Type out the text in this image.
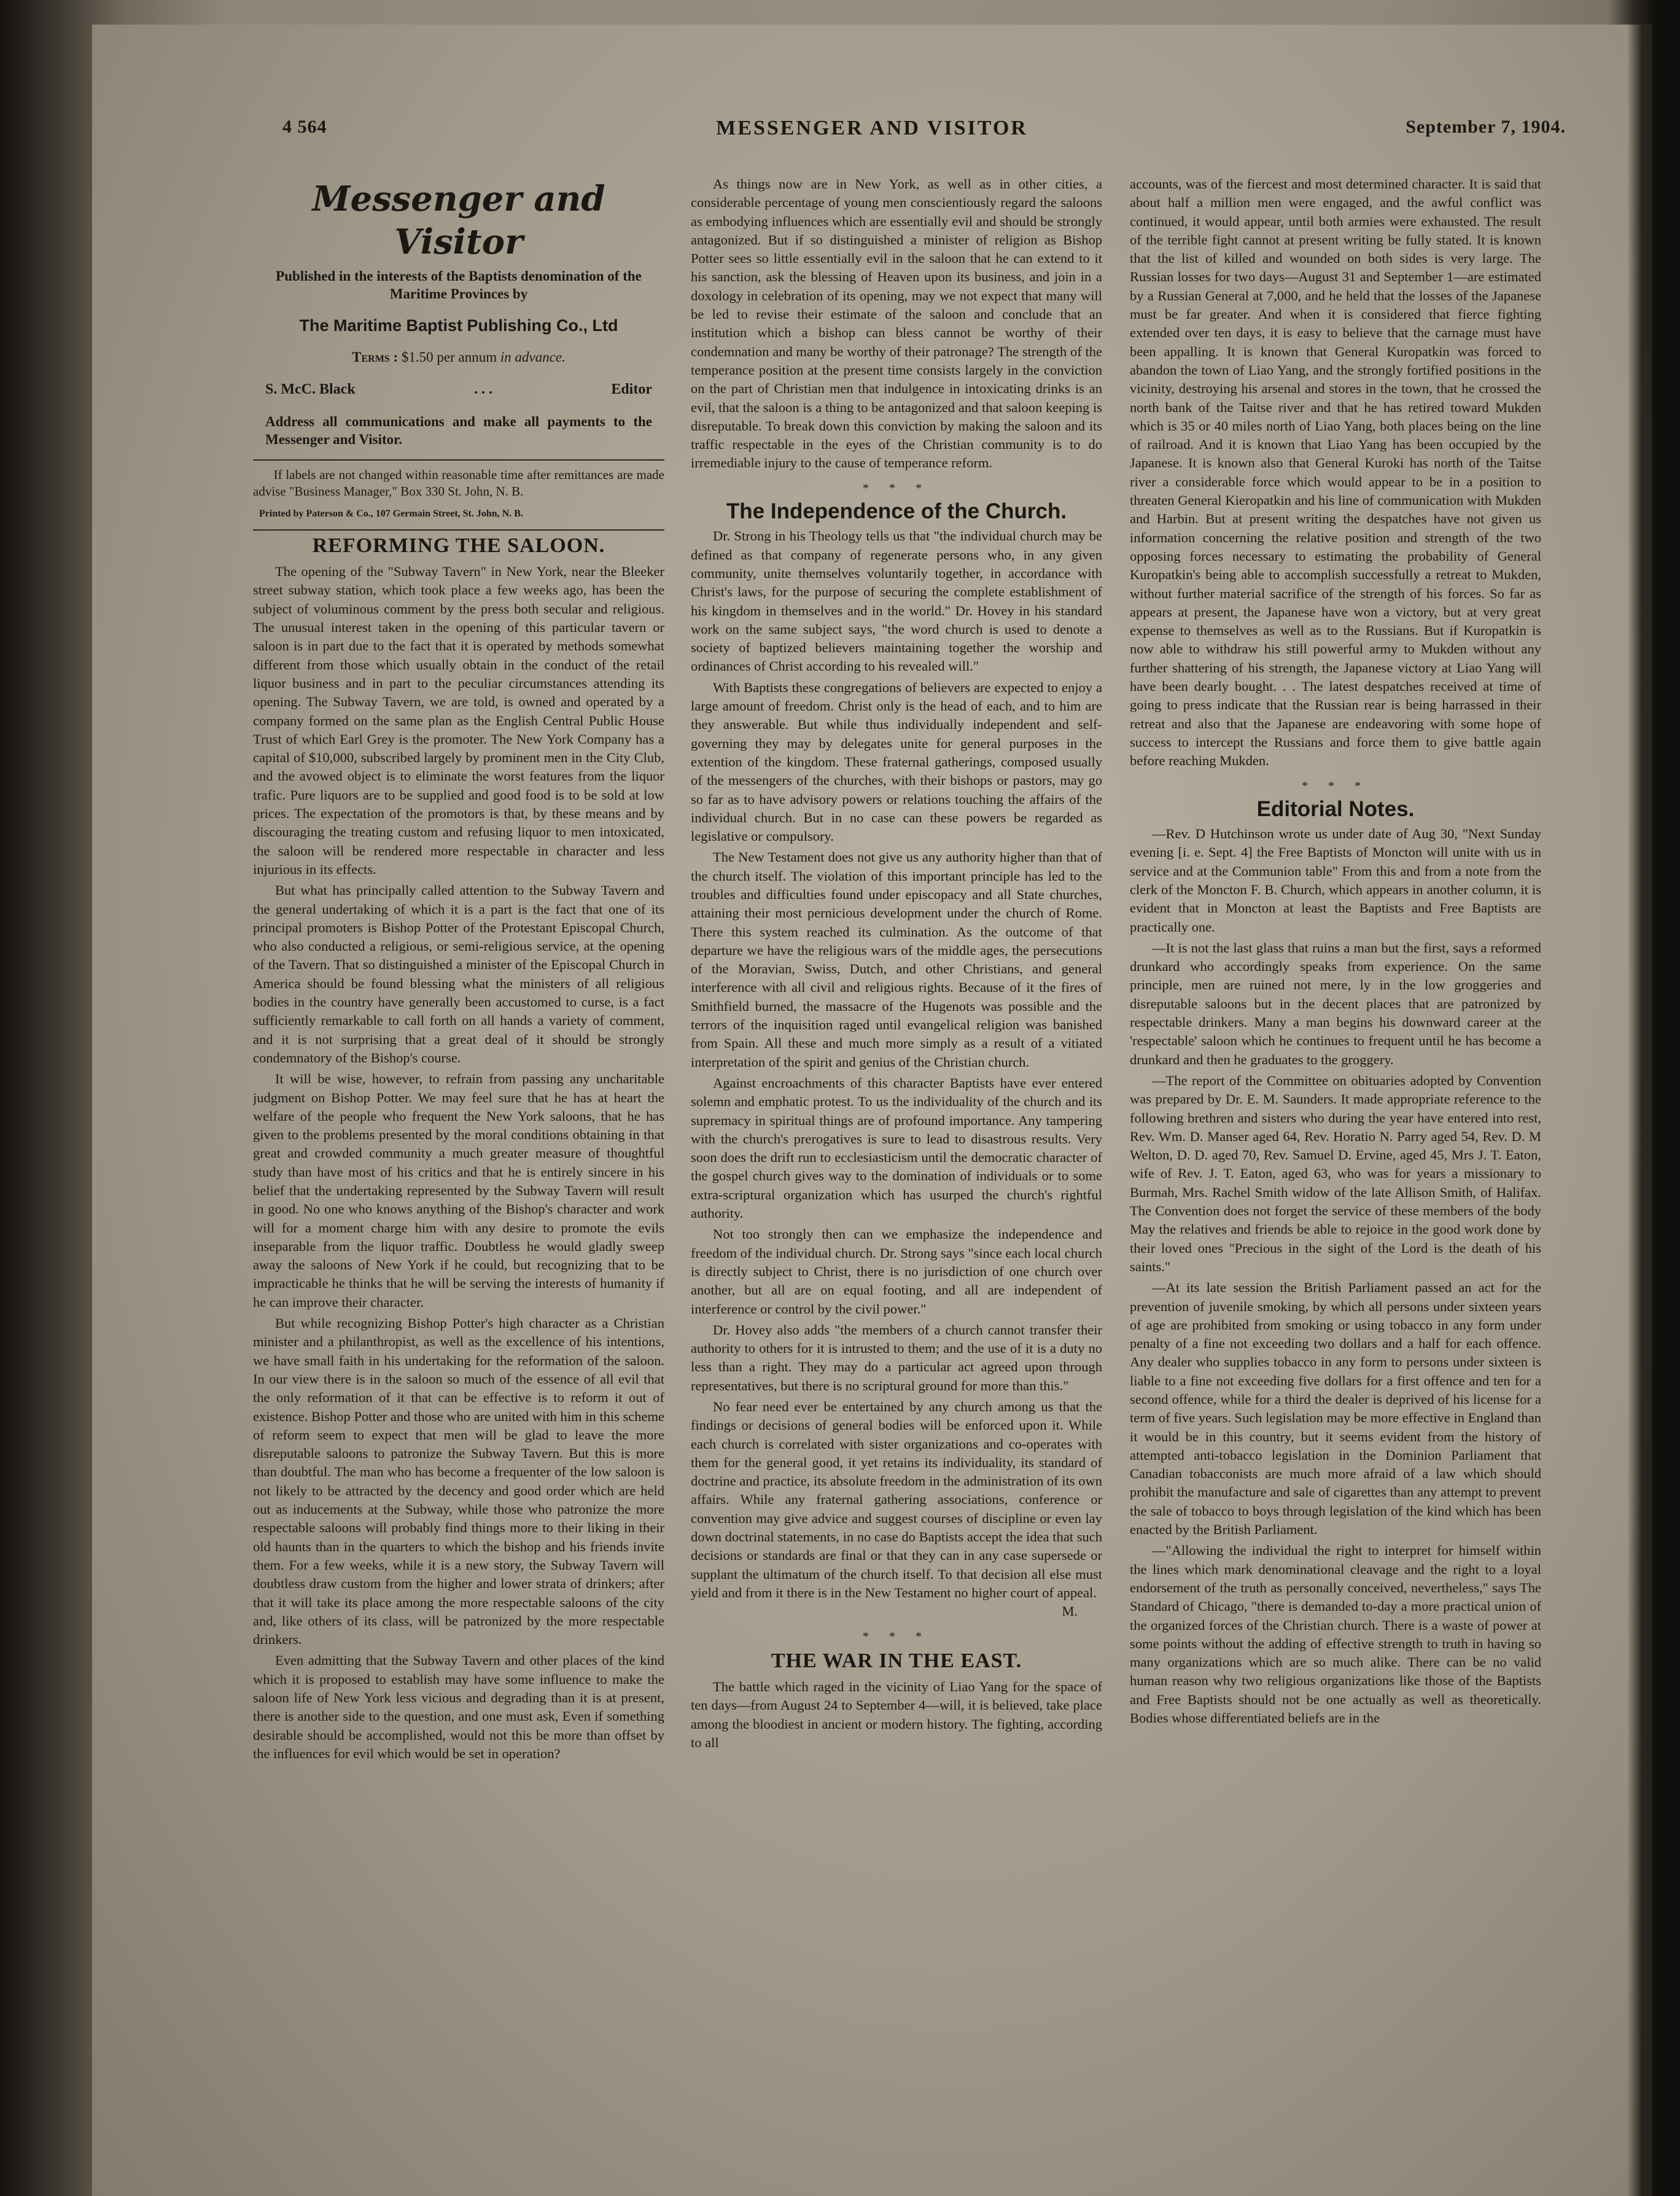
4 564	MESSENGER AND VISITOR	September 7, 1904.
Messenger and Visitor
Published in the interests of the Baptists denomination of the Maritime Provinces by
The Maritime Baptist Publishing Co., Ltd
Terms : $1.50 per annum in advance.
S. McC. Black	. . .	Editor
Address all communications and make all payments to the Messenger and Visitor.

If labels are not changed within reasonable time after remittances are made advise "Business Manager," Box 330 St. John, N. B.

Printed by Paterson & Co., 107 Germain Street, St. John, N. B.
REFORMING THE SALOON.

The opening of the "Subway Tavern" in New York, near the Bleeker street subway station, which took place a few weeks ago, has been the subject of voluminous comment by the press both secular and religious. The unusual interest taken in the opening of this particular tavern or saloon is in part due to the fact that it is operated by methods somewhat different from those which usually obtain in the conduct of the retail liquor business and in part to the peculiar circumstances attending its opening. The Subway Tavern, we are told, is owned and operated by a company formed on the same plan as the English Central Public House Trust of which Earl Grey is the promoter. The New York Company has a capital of $10,000, subscribed largely by prominent men in the City Club, and the avowed object is to eliminate the worst features from the liquor trafic. Pure liquors are to be supplied and good food is to be sold at low prices. The expectation of the promotors is that, by these means and by discouraging the treating custom and refusing liquor to men intoxicated, the saloon will be rendered more respectable in character and less injurious in its effects.

But what has principally called attention to the Subway Tavern and the general undertaking of which it is a part is the fact that one of its principal promoters is Bishop Potter of the Protestant Episcopal Church, who also conducted a religious, or semi-religious service, at the opening of the Tavern. That so distinguished a minister of the Episcopal Church in America should be found blessing what the ministers of all religious bodies in the country have generally been accustomed to curse, is a fact sufficiently remarkable to call forth on all hands a variety of comment, and it is not surprising that a great deal of it should be strongly condemnatory of the Bishop's course.

It will be wise, however, to refrain from passing any uncharitable judgment on Bishop Potter. We may feel sure that he has at heart the welfare of the people who frequent the New York saloons, that he has given to the problems presented by the moral conditions obtaining in that great and crowded community a much greater measure of thoughtful study than have most of his critics and that he is entirely sincere in his belief that the undertaking represented by the Subway Tavern will result in good. No one who knows anything of the Bishop's character and work will for a moment charge him with any desire to promote the evils inseparable from the liquor traffic. Doubtless he would gladly sweep away the saloons of New York if he could, but recognizing that to be impracticable he thinks that he will be serving the interests of humanity if he can improve their character.

But while recognizing Bishop Potter's high character as a Christian minister and a philanthropist, as well as the excellence of his intentions, we have small faith in his undertaking for the reformation of the saloon. In our view there is in the saloon so much of the essence of all evil that the only reformation of it that can be effective is to reform it out of existence. Bishop Potter and those who are united with him in this scheme of reform seem to expect that men will be glad to leave the more disreputable saloons to patronize the Subway Tavern. But this is more than doubtful. The man who has become a frequenter of the low saloon is not likely to be attracted by the decency and good order which are held out as inducements at the Subway, while those who patronize the more respectable saloons will probably find things more to their liking in their old haunts than in the quarters to which the bishop and his friends invite them. For a few weeks, while it is a new story, the Subway Tavern will doubtless draw custom from the higher and lower strata of drinkers; after that it will take its place among the more respectable saloons of the city and, like others of its class, will be patronized by the more respectable drinkers.

Even admitting that the Subway Tavern and other places of the kind which it is proposed to establish may have some influence to make the saloon life of New York less vicious and degrading than it is at present, there is another side to the question, and one must ask, Even if something desirable should be accomplished, would not this be more than offset by the influences for evil which would be set in operation?

As things now are in New York, as well as in other cities, a considerable percentage of young men conscientiously regard the saloons as embodying influences which are essentially evil and should be strongly antagonized. But if so distinguished a minister of religion as Bishop Potter sees so little essentially evil in the saloon that he can extend to it his sanction, ask the blessing of Heaven upon its business, and join in a doxology in celebration of its opening, may we not expect that many will be led to revise their estimate of the saloon and conclude that an institution which a bishop can bless cannot be worthy of their condemnation and many be worthy of their patronage? The strength of the temperance position at the present time consists largely in the conviction on the part of Christian men that indulgence in intoxicating drinks is an evil, that the saloon is a thing to be antagonized and that saloon keeping is disreputable. To break down this conviction by making the saloon and its traffic respectable in the eyes of the Christian community is to do irremediable injury to the cause of temperance reform.

* * *
The Independence of the Church.

Dr. Strong in his Theology tells us that "the individual church may be defined as that company of regenerate persons who, in any given community, unite themselves voluntarily together, in accordance with Christ's laws, for the purpose of securing the complete establishment of his kingdom in themselves and in the world." Dr. Hovey in his standard work on the same subject says, "the word church is used to denote a society of baptized believers maintaining together the worship and ordinances of Christ according to his revealed will."

With Baptists these congregations of believers are expected to enjoy a large amount of freedom. Christ only is the head of each, and to him are they answerable. But while thus individually independent and self-governing they may by delegates unite for general purposes in the extention of the kingdom. These fraternal gatherings, composed usually of the messengers of the churches, with their bishops or pastors, may go so far as to have advisory powers or relations touching the affairs of the individual church. But in no case can these powers be regarded as legislative or compulsory.

The New Testament does not give us any authority higher than that of the church itself. The violation of this important principle has led to the troubles and difficulties found under episcopacy and all State churches, attaining their most pernicious development under the church of Rome. There this system reached its culmination. As the outcome of that departure we have the religious wars of the middle ages, the persecutions of the Moravian, Swiss, Dutch, and other Christians, and general interference with all civil and religious rights. Because of it the fires of Smithfield burned, the massacre of the Hugenots was possible and the terrors of the inquisition raged until evangelical religion was banished from Spain. All these and much more simply as a result of a vitiated interpretation of the spirit and genius of the Christian church.

Against encroachments of this character Baptists have ever entered solemn and emphatic protest. To us the individuality of the church and its supremacy in spiritual things are of profound importance. Any tampering with the church's prerogatives is sure to lead to disastrous results. Very soon does the drift run to ecclesiasticism until the democratic character of the gospel church gives way to the domination of individuals or to some extra-scriptural organization which has usurped the church's rightful authority.

Not too strongly then can we emphasize the independence and freedom of the individual church. Dr. Strong says "since each local church is directly subject to Christ, there is no jurisdiction of one church over another, but all are on equal footing, and all are independent of interference or control by the civil power."

Dr. Hovey also adds "the members of a church cannot transfer their authority to others for it is intrusted to them; and the use of it is a duty no less than a right. They may do a particular act agreed upon through representatives, but there is no scriptural ground for more than this."

No fear need ever be entertained by any church among us that the findings or decisions of general bodies will be enforced upon it. While each church is correlated with sister organizations and co-operates with them for the general good, it yet retains its individuality, its standard of doctrine and practice, its absolute freedom in the administration of its own affairs. While any fraternal gathering associations, conference or convention may give advice and suggest courses of discipline or even lay down doctrinal statements, in no case do Baptists accept the idea that such decisions or standards are final or that they can in any case supersede or supplant the ultimatum of the church itself. To that decision all else must yield and from it there is in the New Testament no higher court of appeal.

M.
* * *
THE WAR IN THE EAST.

The battle which raged in the vicinity of Liao Yang for the space of ten days—from August 24 to September 4—will, it is believed, take place among the bloodiest in ancient or modern history. The fighting, according to all

accounts, was of the fiercest and most determined character. It is said that about half a million men were engaged, and the awful conflict was continued, it would appear, until both armies were exhausted. The result of the terrible fight cannot at present writing be fully stated. It is known that the list of killed and wounded on both sides is very large. The Russian losses for two days—August 31 and September 1—are estimated by a Russian General at 7,000, and he held that the losses of the Japanese must be far greater. And when it is considered that fierce fighting extended over ten days, it is easy to believe that the carnage must have been appalling. It is known that General Kuropatkin was forced to abandon the town of Liao Yang, and the strongly fortified positions in the vicinity, destroying his arsenal and stores in the town, that he crossed the north bank of the Taitse river and that he has retired toward Mukden which is 35 or 40 miles north of Liao Yang, both places being on the line of railroad. And it is known that Liao Yang has been occupied by the Japanese. It is known also that General Kuroki has north of the Taitse river a considerable force which would appear to be in a position to threaten General Kieropatkin and his line of communication with Mukden and Harbin. But at present writing the despatches have not given us information concerning the relative position and strength of the two opposing forces necessary to estimating the probability of General Kuropatkin's being able to accomplish successfully a retreat to Mukden, without further material sacrifice of the strength of his forces. So far as appears at present, the Japanese have won a victory, but at very great expense to themselves as well as to the Russians. But if Kuropatkin is now able to withdraw his still powerful army to Mukden without any further shattering of his strength, the Japanese victory at Liao Yang will have been dearly bought. . . The latest despatches received at time of going to press indicate that the Russian rear is being harrassed in their retreat and also that the Japanese are endeavoring with some hope of success to intercept the Russians and force them to give battle again before reaching Mukden.

* * *
Editorial Notes.

—Rev. D Hutchinson wrote us under date of Aug 30, "Next Sunday evening [i. e. Sept. 4] the Free Baptists of Moncton will unite with us in service and at the Communion table" From this and from a note from the clerk of the Moncton F. B. Church, which appears in another column, it is evident that in Moncton at least the Baptists and Free Baptists are practically one.

—It is not the last glass that ruins a man but the first, says a reformed drunkard who accordingly speaks from experience. On the same principle, men are ruined not mere, ly in the low groggeries and disreputable saloons but in the decent places that are patronized by respectable drinkers. Many a man begins his downward career at the 'respectable' saloon which he continues to frequent until he has become a drunkard and then he graduates to the groggery.

—The report of the Committee on obituaries adopted by Convention was prepared by Dr. E. M. Saunders. It made appropriate reference to the following brethren and sisters who during the year have entered into rest, Rev. Wm. D. Manser aged 64, Rev. Horatio N. Parry aged 54, Rev. D. M Welton, D. D. aged 70, Rev. Samuel D. Ervine, aged 45, Mrs J. T. Eaton, wife of Rev. J. T. Eaton, aged 63, who was for years a missionary to Burmah, Mrs. Rachel Smith widow of the late Allison Smith, of Halifax. The Convention does not forget the service of these members of the body May the relatives and friends be able to rejoice in the good work done by their loved ones "Precious in the sight of the Lord is the death of his saints."

—At its late session the British Parliament passed an act for the prevention of juvenile smoking, by which all persons under sixteen years of age are prohibited from smoking or using tobacco in any form under penalty of a fine not exceeding two dollars and a half for each offence. Any dealer who supplies tobacco in any form to persons under sixteen is liable to a fine not exceeding five dollars for a first offence and ten for a second offence, while for a third the dealer is deprived of his license for a term of five years. Such legislation may be more effective in England than it would be in this country, but it seems evident from the history of attempted anti-tobacco legislation in the Dominion Parliament that Canadian tobacconists are much more afraid of a law which should prohibit the manufacture and sale of cigarettes than any attempt to prevent the sale of tobacco to boys through legislation of the kind which has been enacted by the British Parliament.

—"Allowing the individual the right to interpret for himself within the lines which mark denominational cleavage and the right to a loyal endorsement of the truth as personally conceived, nevertheless," says The Standard of Chicago, "there is demanded to-day a more practical union of the organized forces of the Christian church. There is a waste of power at some points without the adding of effective strength to truth in having so many organizations which are so much alike. There can be no valid human reason why two religious organizations like those of the Baptists and Free Baptists should not be one actually as well as theoretically. Bodies whose differentiated beliefs are in the
